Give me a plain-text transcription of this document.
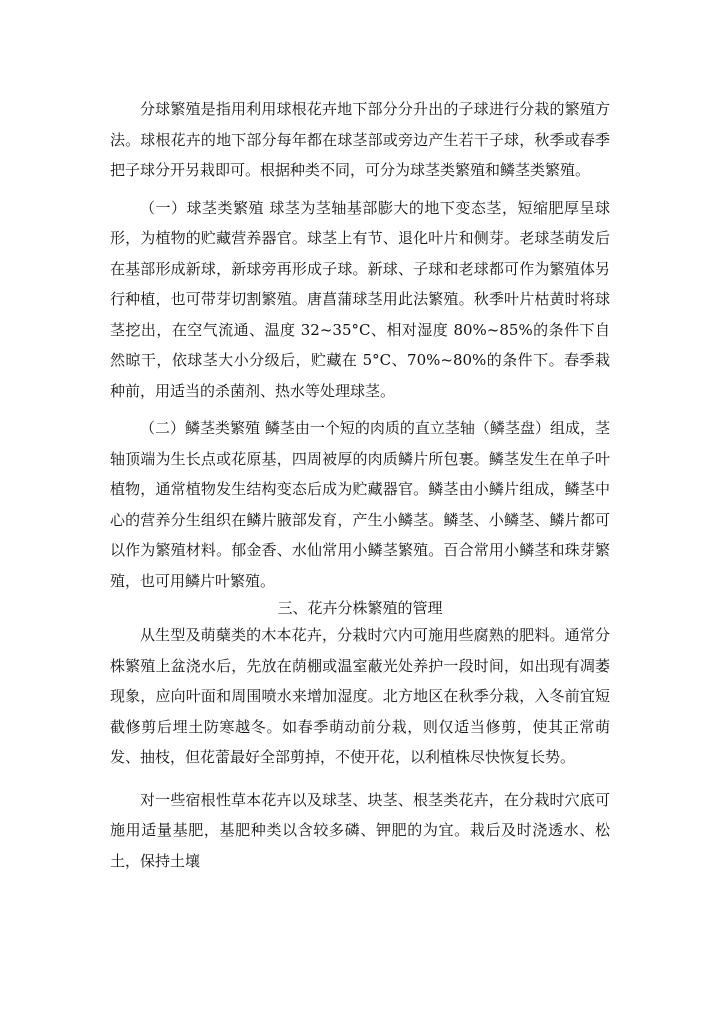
分球繁殖是指用利用球根花卉地下部分分升出的子球进行分栽的繁殖方法。球根花卉的地下部分每年都在球茎部或旁边产生若干子球，秋季或春季把子球分开另栽即可。根据种类不同，可分为球茎类繁殖和鳞茎类繁殖。

（一）球茎类繁殖 球茎为茎轴基部膨大的地下变态茎，短缩肥厚呈球形，为植物的贮藏营养器官。球茎上有节、退化叶片和侧芽。老球茎萌发后在基部形成新球，新球旁再形成子球。新球、子球和老球都可作为繁殖体另行种植，也可带芽切割繁殖。唐菖蒲球茎用此法繁殖。秋季叶片枯黄时将球茎挖出，在空气流通、温度 32~35°C、相对湿度 80%~85%的条件下自然晾干，依球茎大小分级后，贮藏在 5°C、70%~80%的条件下。春季栽种前，用适当的杀菌剂、热水等处理球茎。

（二）鳞茎类繁殖 鳞茎由一个短的肉质的直立茎轴（鳞茎盘）组成，茎轴顶端为生长点或花原基，四周被厚的肉质鳞片所包裹。鳞茎发生在单子叶植物，通常植物发生结构变态后成为贮藏器官。鳞茎由小鳞片组成，鳞茎中心的营养分生组织在鳞片腋部发育，产生小鳞茎。鳞茎、小鳞茎、鳞片都可以作为繁殖材料。郁金香、水仙常用小鳞茎繁殖。百合常用小鳞茎和珠芽繁殖，也可用鳞片叶繁殖。

三、花卉分株繁殖的管理

从生型及萌蘖类的木本花卉，分栽时穴内可施用些腐熟的肥料。通常分株繁殖上盆浇水后，先放在荫棚或温室蔽光处养护一段时间，如出现有凋萎现象，应向叶面和周围喷水来增加湿度。北方地区在秋季分栽，入冬前宜短截修剪后埋土防寒越冬。如春季萌动前分栽，则仅适当修剪，使其正常萌发、抽枝，但花蕾最好全部剪掉，不使开花，以利植株尽快恢复长势。

对一些宿根性草本花卉以及球茎、块茎、根茎类花卉，在分栽时穴底可施用适量基肥，基肥种类以含较多磷、钾肥的为宜。栽后及时浇透水、松土，保持土壤
